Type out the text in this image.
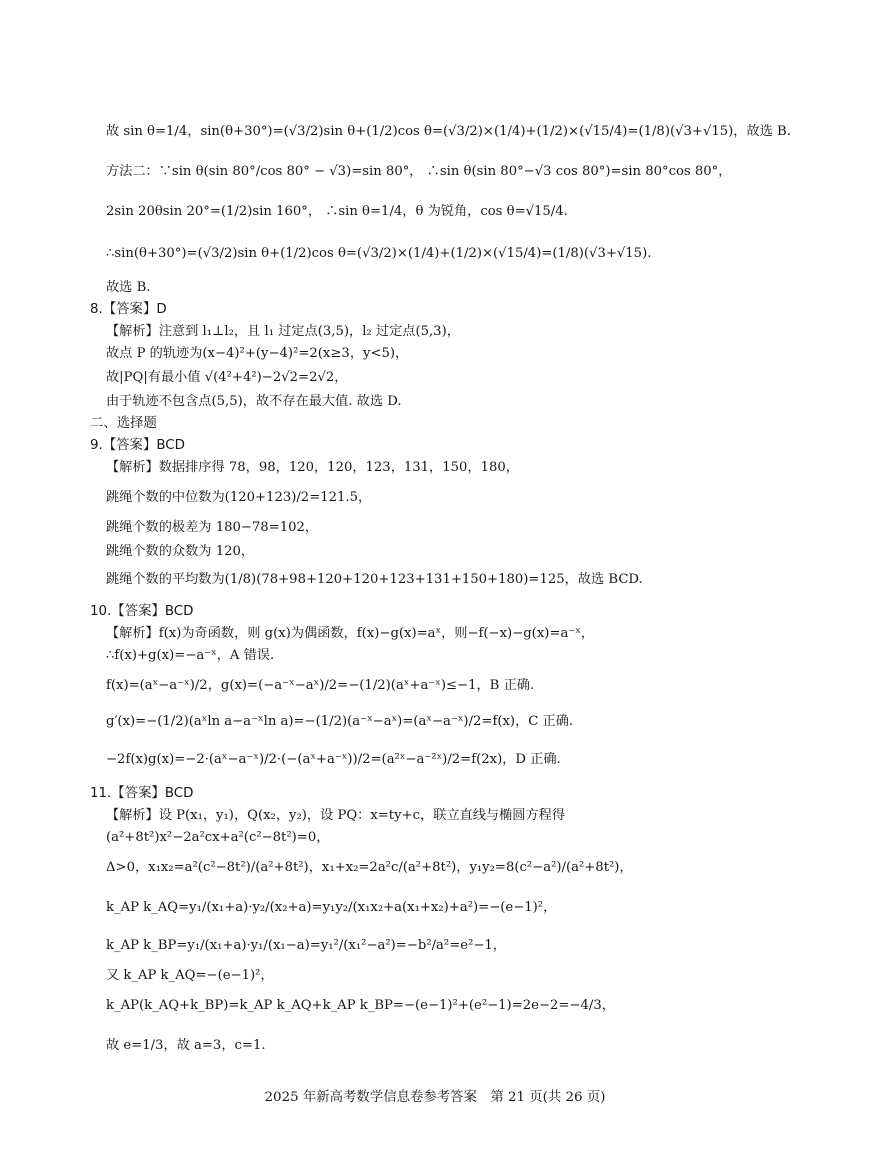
故 sin θ=1/4，sin(θ+30°)=(√3/2)sin θ+(1/2)cos θ=(√3/2)×(1/4)+(1/2)×(√15/4)=(1/8)(√3+√15)，故选 B.
方法二：∵sin θ(sin 80°/cos 80° − √3)=sin 80°， ∴sin θ(sin 80°−√3 cos 80°)=sin 80°cos 80°，
2sin 20θsin 20°=(1/2)sin 160°， ∴sin θ=1/4，θ 为锐角，cos θ=√15/4.
∴sin(θ+30°)=(√3/2)sin θ+(1/2)cos θ=(√3/2)×(1/4)+(1/2)×(√15/4)=(1/8)(√3+√15).
故选 B.
8.【答案】D
【解析】注意到 l₁⊥l₂，且 l₁ 过定点(3,5)，l₂ 过定点(5,3)，
故点 P 的轨迹为(x−4)²+(y−4)²=2(x≥3，y<5)，
故|PQ|有最小值 √(4²+4²)−2√2=2√2，
由于轨迹不包含点(5,5)，故不存在最大值. 故选 D.
二、选择题
9.【答案】BCD
【解析】数据排序得 78，98，120，120，123，131，150，180，
跳绳个数的中位数为(120+123)/2=121.5，
跳绳个数的极差为 180−78=102，
跳绳个数的众数为 120，
跳绳个数的平均数为(1/8)(78+98+120+120+123+131+150+180)=125，故选 BCD.
10.【答案】BCD
【解析】f(x)为奇函数，则 g(x)为偶函数，f(x)−g(x)=aˣ，则−f(−x)−g(x)=a⁻ˣ，
∴f(x)+g(x)=−a⁻ˣ，A 错误.
f(x)=(aˣ−a⁻ˣ)/2，g(x)=(−a⁻ˣ−aˣ)/2=−(1/2)(aˣ+a⁻ˣ)≤−1，B 正确.
g′(x)=−(1/2)(aˣln a−a⁻ˣln a)=−(1/2)(a⁻ˣ−aˣ)=(aˣ−a⁻ˣ)/2=f(x)，C 正确.
−2f(x)g(x)=−2·(aˣ−a⁻ˣ)/2·(−(aˣ+a⁻ˣ))/2=(a²ˣ−a⁻²ˣ)/2=f(2x)，D 正确.
11.【答案】BCD
【解析】设 P(x₁，y₁)，Q(x₂，y₂)，设 PQ：x=ty+c，联立直线与椭圆方程得
(a²+8t²)x²−2a²cx+a²(c²−8t²)=0，
Δ>0，x₁x₂=a²(c²−8t²)/(a²+8t²)，x₁+x₂=2a²c/(a²+8t²)，y₁y₂=8(c²−a²)/(a²+8t²)，
k_AP k_AQ=y₁/(x₁+a)·y₂/(x₂+a)=y₁y₂/(x₁x₂+a(x₁+x₂)+a²)=−(e−1)²，
k_AP k_BP=y₁/(x₁+a)·y₁/(x₁−a)=y₁²/(x₁²−a²)=−b²/a²=e²−1，
又 k_AP k_AQ=−(e−1)²，
k_AP(k_AQ+k_BP)=k_AP k_AQ+k_AP k_BP=−(e−1)²+(e²−1)=2e−2=−4/3，
故 e=1/3，故 a=3，c=1.
2025 年新高考数学信息卷参考答案　第 21 页(共 26 页)
